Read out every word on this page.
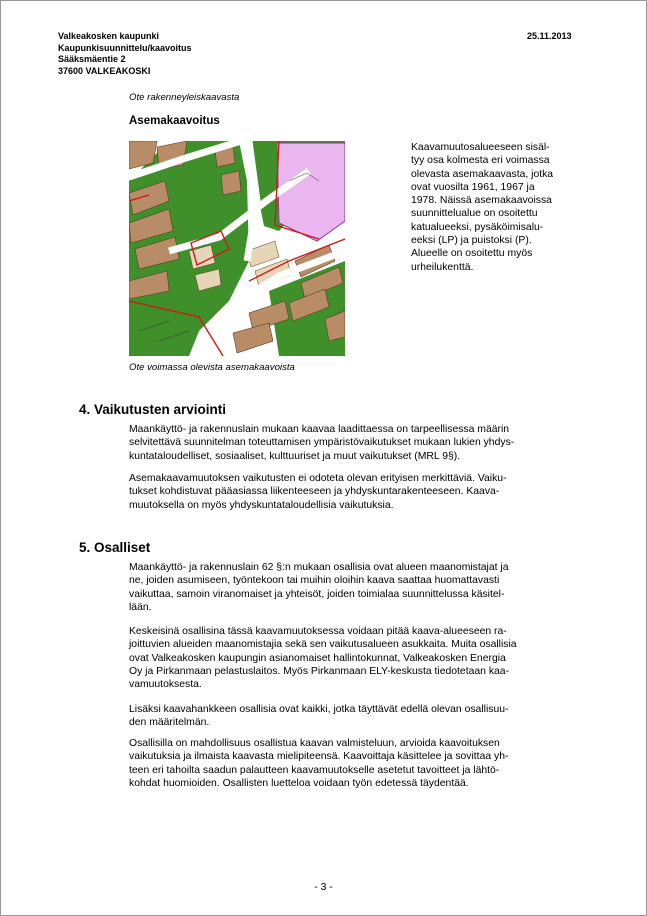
Valkeakosken kaupunki
Kaupunkisuunnittelu/kaavoitus
Sääksmäentie 2
37600 VALKEAKOSKI
25.11.2013
Ote rakenneyleiskaavasta
Asemakaavoitus
Kaavamuutosalueeseen sisäl-
tyy osa kolmesta eri voimassa
olevasta asemakaavasta, jotka
ovat vuosilta 1961, 1967 ja
1978. Näissä asemakaavoissa
suunnittelualue on osoitettu
katualueeksi, pysäköimisalu-
eeksi (LP) ja puistoksi (P).
Alueelle on osoitettu myös
urheilukenttä.
Ote voimassa olevista asemakaavoista
4. Vaikutusten arviointi
Maankäyttö- ja rakennuslain mukaan kaavaa laadittaessa on tarpeellisessa määrin
selvitettävä suunnitelman toteuttamisen ympäristövaikutukset mukaan lukien yhdys-
kuntataloudelliset, sosiaaliset, kulttuuriset ja muut vaikutukset (MRL 9§).
Asemakaavamuutoksen vaikutusten ei odoteta olevan erityisen merkittäviä. Vaiku-
tukset kohdistuvat pääasiassa liikenteeseen ja yhdyskuntarakenteeseen. Kaava-
muutoksella on myös yhdyskuntataloudellisia vaikutuksia.
5. Osalliset
Maankäyttö- ja rakennuslain 62 §:n mukaan osallisia ovat alueen maanomistajat ja
ne, joiden asumiseen, työntekoon tai muihin oloihin kaava saattaa huomattavasti
vaikuttaa, samoin viranomaiset ja yhteisöt, joiden toimialaa suunnittelussa käsitel-
lään.
Keskeisinä osallisina tässä kaavamuutoksessa voidaan pitää kaava-alueeseen ra-
joittuvien alueiden maanomistajia sekä sen vaikutusalueen asukkaita. Muita osallisia
ovat Valkeakosken kaupungin asianomaiset hallintokunnat, Valkeakosken Energia
Oy ja Pirkanmaan pelastuslaitos. Myös Pirkanmaan ELY-keskusta tiedotetaan kaa-
vamuutoksesta.
Lisäksi kaavahankkeen osallisia ovat kaikki, jotka täyttävät edellä olevan osallisuu-
den määritelmän.
Osallisilla on mahdollisuus osallistua kaavan valmisteluun, arvioida kaavoituksen
vaikutuksia ja ilmaista kaavasta mielipiteensä. Kaavoittaja käsittelee ja sovittaa yh-
teen eri tahoilta saadun palautteen kaavamuutokselle asetetut tavoitteet ja lähtö-
kohdat huomioiden. Osallisten luetteloa voidaan työn edetessä täydentää.
- 3 -
